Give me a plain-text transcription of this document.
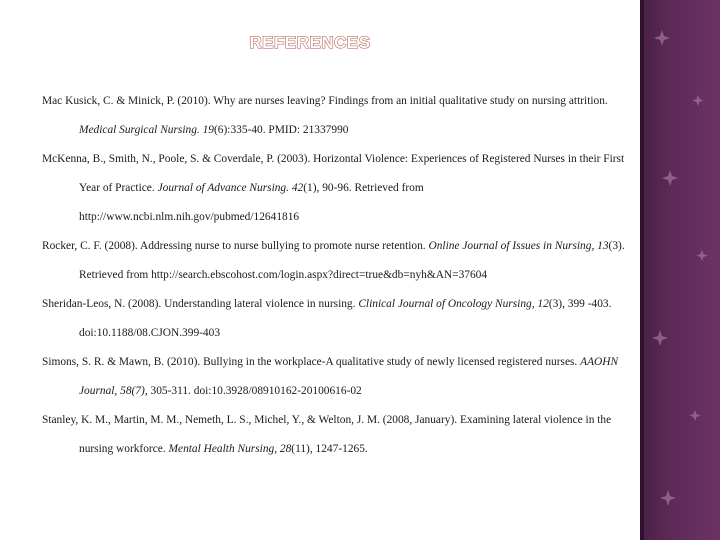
REFERENCES
Mac Kusick, C. & Minick, P. (2010). Why are nurses leaving? Findings from an initial qualitative study on nursing attrition. Medical Surgical Nursing. 19(6):335-40. PMID: 21337990
McKenna, B., Smith, N., Poole, S. & Coverdale, P. (2003). Horizontal Violence: Experiences of Registered Nurses in their First Year of Practice. Journal of Advance Nursing. 42(1), 90-96. Retrieved from http://www.ncbi.nlm.nih.gov/pubmed/12641816
Rocker, C. F. (2008). Addressing nurse to nurse bullying to promote nurse retention. Online Journal of Issues in Nursing, 13(3). Retrieved from http://search.ebscohost.com/login.aspx?direct=true&db=nyh&AN=37604
Sheridan-Leos, N. (2008). Understanding lateral violence in nursing. Clinical Journal of Oncology Nursing, 12(3), 399 -403. doi:10.1188/08.CJON.399-403
Simons, S. R. & Mawn, B. (2010). Bullying in the workplace-A qualitative study of newly licensed registered nurses. AAOHN Journal, 58(7), 305-311. doi:10.3928/08910162-20100616-02
Stanley, K. M., Martin, M. M., Nemeth, L. S., Michel, Y., & Welton, J. M. (2008, January). Examining lateral violence in the nursing workforce. Mental Health Nursing, 28(11), 1247-1265.
